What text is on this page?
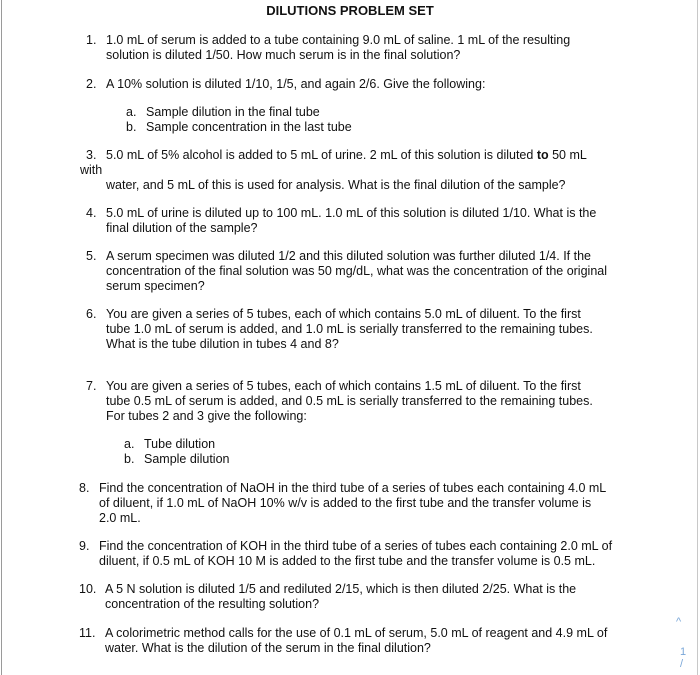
DILUTIONS PROBLEM SET
1. 1.0 mL of serum is added to a tube containing 9.0 mL of saline. 1 mL of the resulting
solution is diluted 1/50. How much serum is in the final solution?
2. A 10% solution is diluted 1/10, 1/5, and again 2/6. Give the following:
a. Sample dilution in the final tube
b. Sample concentration in the last tube
3. 5.0 mL of 5% alcohol is added to 5 mL of urine. 2 mL of this solution is diluted to 50 mL
with
water, and 5 mL of this is used for analysis. What is the final dilution of the sample?
4. 5.0 mL of urine is diluted up to 100 mL. 1.0 mL of this solution is diluted 1/10. What is the
final dilution of the sample?
5. A serum specimen was diluted 1/2 and this diluted solution was further diluted 1/4. If the
concentration of the final solution was 50 mg/dL, what was the concentration of the original
serum specimen?
6. You are given a series of 5 tubes, each of which contains 5.0 mL of diluent. To the first
tube 1.0 mL of serum is added, and 1.0 mL is serially transferred to the remaining tubes.
What is the tube dilution in tubes 4 and 8?
7. You are given a series of 5 tubes, each of which contains 1.5 mL of diluent. To the first
tube 0.5 mL of serum is added, and 0.5 mL is serially transferred to the remaining tubes.
For tubes 2 and 3 give the following:
a. Tube dilution
b. Sample dilution
8. Find the concentration of NaOH in the third tube of a series of tubes each containing 4.0 mL
of diluent, if 1.0 mL of NaOH 10% w/v is added to the first tube and the transfer volume is
2.0 mL.
9. Find the concentration of KOH in the third tube of a series of tubes each containing 2.0 mL of
diluent, if 0.5 mL of KOH 10 M is added to the first tube and the transfer volume is 0.5 mL.
10. A 5 N solution is diluted 1/5 and rediluted 2/15, which is then diluted 2/25. What is the
concentration of the resulting solution?
11. A colorimetric method calls for the use of 0.1 mL of serum, 5.0 mL of reagent and 4.9 mL of
water. What is the dilution of the serum in the final dilution?
^
1
/
